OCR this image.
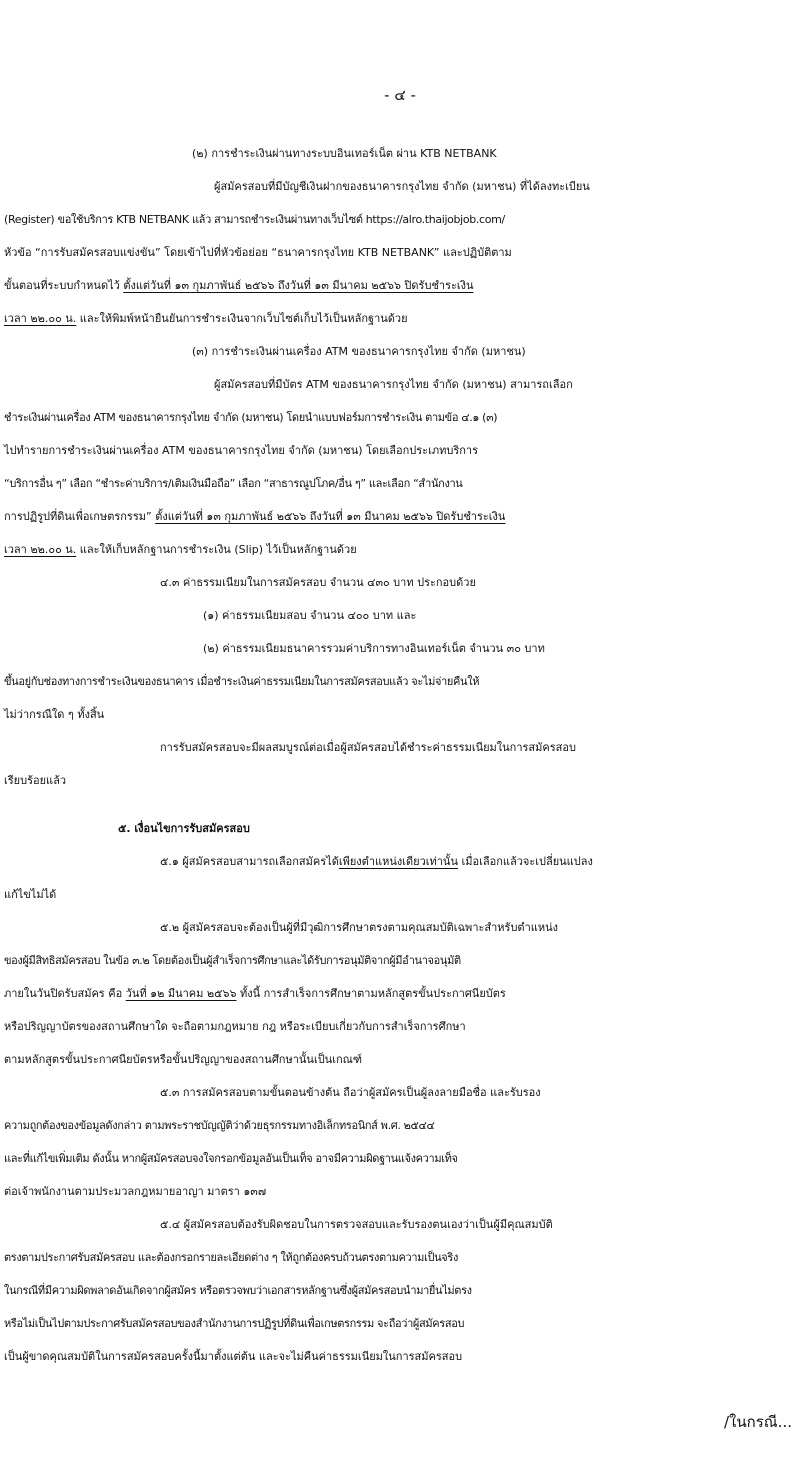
- ๔ -
(๒) การชำระเงินผ่านทางระบบอินเทอร์เน็ต ผ่าน KTB NETBANK
ผู้สมัครสอบที่มีบัญชีเงินฝากของธนาคารกรุงไทย จำกัด (มหาชน) ที่ได้ลงทะเบียน
(Register) ขอใช้บริการ KTB NETBANK แล้ว สามารถชำระเงินผ่านทางเว็บไซต์ https://alro.thaijobjob.com/
หัวข้อ “การรับสมัครสอบแข่งขัน” โดยเข้าไปที่หัวข้อย่อย “ธนาคารกรุงไทย KTB NETBANK” และปฏิบัติตาม
ขั้นตอนที่ระบบกำหนดไว้ ตั้งแต่วันที่ ๑๓ กุมภาพันธ์ ๒๕๖๖ ถึงวันที่ ๑๓ มีนาคม ๒๕๖๖ ปิดรับชำระเงิน
เวลา ๒๒.๐๐ น. และให้พิมพ์หน้ายืนยันการชำระเงินจากเว็บไซต์เก็บไว้เป็นหลักฐานด้วย
(๓) การชำระเงินผ่านเครื่อง ATM ของธนาคารกรุงไทย จำกัด (มหาชน)
ผู้สมัครสอบที่มีบัตร ATM ของธนาคารกรุงไทย จำกัด (มหาชน) สามารถเลือก
ชำระเงินผ่านเครื่อง ATM ของธนาคารกรุงไทย จำกัด (มหาชน) โดยนำแบบฟอร์มการชำระเงิน ตามข้อ ๔.๑ (๓)
ไปทำรายการชำระเงินผ่านเครื่อง ATM ของธนาคารกรุงไทย จำกัด (มหาชน) โดยเลือกประเภทบริการ
“บริการอื่น ๆ” เลือก “ชำระค่าบริการ/เติมเงินมือถือ” เลือก “สาธารณูปโภค/อื่น ๆ” และเลือก “สำนักงาน
การปฏิรูปที่ดินเพื่อเกษตรกรรม” ตั้งแต่วันที่ ๑๓ กุมภาพันธ์ ๒๕๖๖ ถึงวันที่ ๑๓ มีนาคม ๒๕๖๖ ปิดรับชำระเงิน
เวลา ๒๒.๐๐ น. และให้เก็บหลักฐานการชำระเงิน (Slip) ไว้เป็นหลักฐานด้วย
๔.๓ ค่าธรรมเนียมในการสมัครสอบ จำนวน ๔๓๐ บาท ประกอบด้วย
(๑) ค่าธรรมเนียมสอบ จำนวน ๔๐๐ บาท และ
(๒) ค่าธรรมเนียมธนาคารรวมค่าบริการทางอินเทอร์เน็ต จำนวน ๓๐ บาท
ขึ้นอยู่กับช่องทางการชำระเงินของธนาคาร เมื่อชำระเงินค่าธรรมเนียมในการสมัครสอบแล้ว จะไม่จ่ายคืนให้
ไม่ว่ากรณีใด ๆ ทั้งสิ้น
การรับสมัครสอบจะมีผลสมบูรณ์ต่อเมื่อผู้สมัครสอบได้ชำระค่าธรรมเนียมในการสมัครสอบ
เรียบร้อยแล้ว
๕. เงื่อนไขการรับสมัครสอบ
๕.๑ ผู้สมัครสอบสามารถเลือกสมัครได้เพียงตำแหน่งเดียวเท่านั้น เมื่อเลือกแล้วจะเปลี่ยนแปลง
แก้ไขไม่ได้
๕.๒ ผู้สมัครสอบจะต้องเป็นผู้ที่มีวุฒิการศึกษาตรงตามคุณสมบัติเฉพาะสำหรับตำแหน่ง
ของผู้มีสิทธิสมัครสอบ ในข้อ ๓.๒ โดยต้องเป็นผู้สำเร็จการศึกษาและได้รับการอนุมัติจากผู้มีอำนาจอนุมัติ
ภายในวันปิดรับสมัคร คือ วันที่ ๑๒ มีนาคม ๒๕๖๖ ทั้งนี้ การสำเร็จการศึกษาตามหลักสูตรขั้นประกาศนียบัตร
หรือปริญญาบัตรของสถานศึกษาใด จะถือตามกฎหมาย กฎ หรือระเบียบเกี่ยวกับการสำเร็จการศึกษา
ตามหลักสูตรขั้นประกาศนียบัตรหรือขั้นปริญญาของสถานศึกษานั้นเป็นเกณฑ์
๕.๓ การสมัครสอบตามขั้นตอนข้างต้น ถือว่าผู้สมัครเป็นผู้ลงลายมือชื่อ และรับรอง
ความถูกต้องของข้อมูลดังกล่าว ตามพระราชบัญญัติว่าด้วยธุรกรรมทางอิเล็กทรอนิกส์ พ.ศ. ๒๕๔๔
และที่แก้ไขเพิ่มเติม ดังนั้น หากผู้สมัครสอบจงใจกรอกข้อมูลอันเป็นเท็จ อาจมีความผิดฐานแจ้งความเท็จ
ต่อเจ้าพนักงานตามประมวลกฎหมายอาญา มาตรา ๑๓๗
๕.๔ ผู้สมัครสอบต้องรับผิดชอบในการตรวจสอบและรับรองตนเองว่าเป็นผู้มีคุณสมบัติ
ตรงตามประกาศรับสมัครสอบ และต้องกรอกรายละเอียดต่าง ๆ ให้ถูกต้องครบถ้วนตรงตามความเป็นจริง
ในกรณีที่มีความผิดพลาดอันเกิดจากผู้สมัคร หรือตรวจพบว่าเอกสารหลักฐานซึ่งผู้สมัครสอบนำมายื่นไม่ตรง
หรือไม่เป็นไปตามประกาศรับสมัครสอบของสำนักงานการปฏิรูปที่ดินเพื่อเกษตรกรรม จะถือว่าผู้สมัครสอบ
เป็นผู้ขาดคุณสมบัติในการสมัครสอบครั้งนี้มาตั้งแต่ต้น และจะไม่คืนค่าธรรมเนียมในการสมัครสอบ
/ในกรณี...
